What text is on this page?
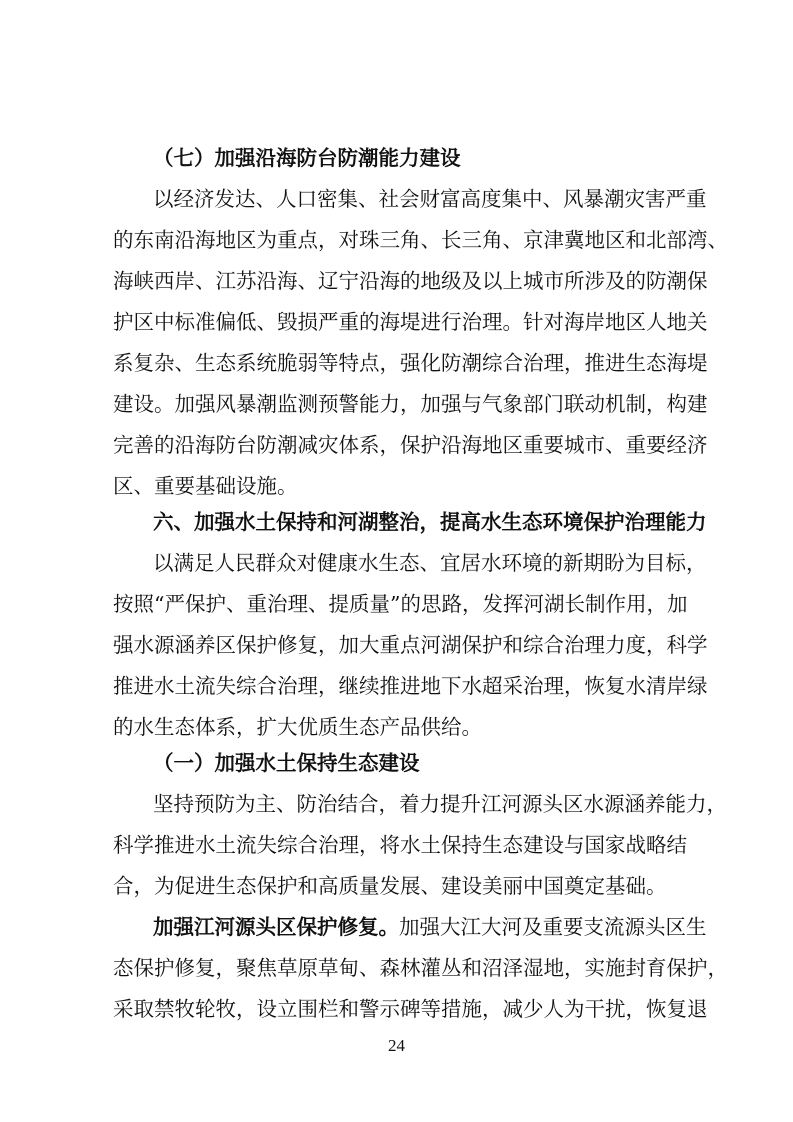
（七）加强沿海防台防潮能力建设
以经济发达、人口密集、社会财富高度集中、风暴潮灾害严重
的东南沿海地区为重点，对珠三角、长三角、京津冀地区和北部湾、
海峡西岸、江苏沿海、辽宁沿海的地级及以上城市所涉及的防潮保
护区中标准偏低、毁损严重的海堤进行治理。针对海岸地区人地关
系复杂、生态系统脆弱等特点，强化防潮综合治理，推进生态海堤
建设。加强风暴潮监测预警能力，加强与气象部门联动机制，构建
完善的沿海防台防潮减灾体系，保护沿海地区重要城市、重要经济
区、重要基础设施。
六、加强水土保持和河湖整治，提高水生态环境保护治理能力
以满足人民群众对健康水生态、宜居水环境的新期盼为目标，
按照“严保护、重治理、提质量”的思路，发挥河湖长制作用，加
强水源涵养区保护修复，加大重点河湖保护和综合治理力度，科学
推进水土流失综合治理，继续推进地下水超采治理，恢复水清岸绿
的水生态体系，扩大优质生态产品供给。
（一）加强水土保持生态建设
坚持预防为主、防治结合，着力提升江河源头区水源涵养能力，
科学推进水土流失综合治理，将水土保持生态建设与国家战略结
合，为促进生态保护和高质量发展、建设美丽中国奠定基础。
加强江河源头区保护修复。加强大江大河及重要支流源头区生
态保护修复，聚焦草原草甸、森林灌丛和沼泽湿地，实施封育保护，
采取禁牧轮牧，设立围栏和警示碑等措施，减少人为干扰，恢复退
24
